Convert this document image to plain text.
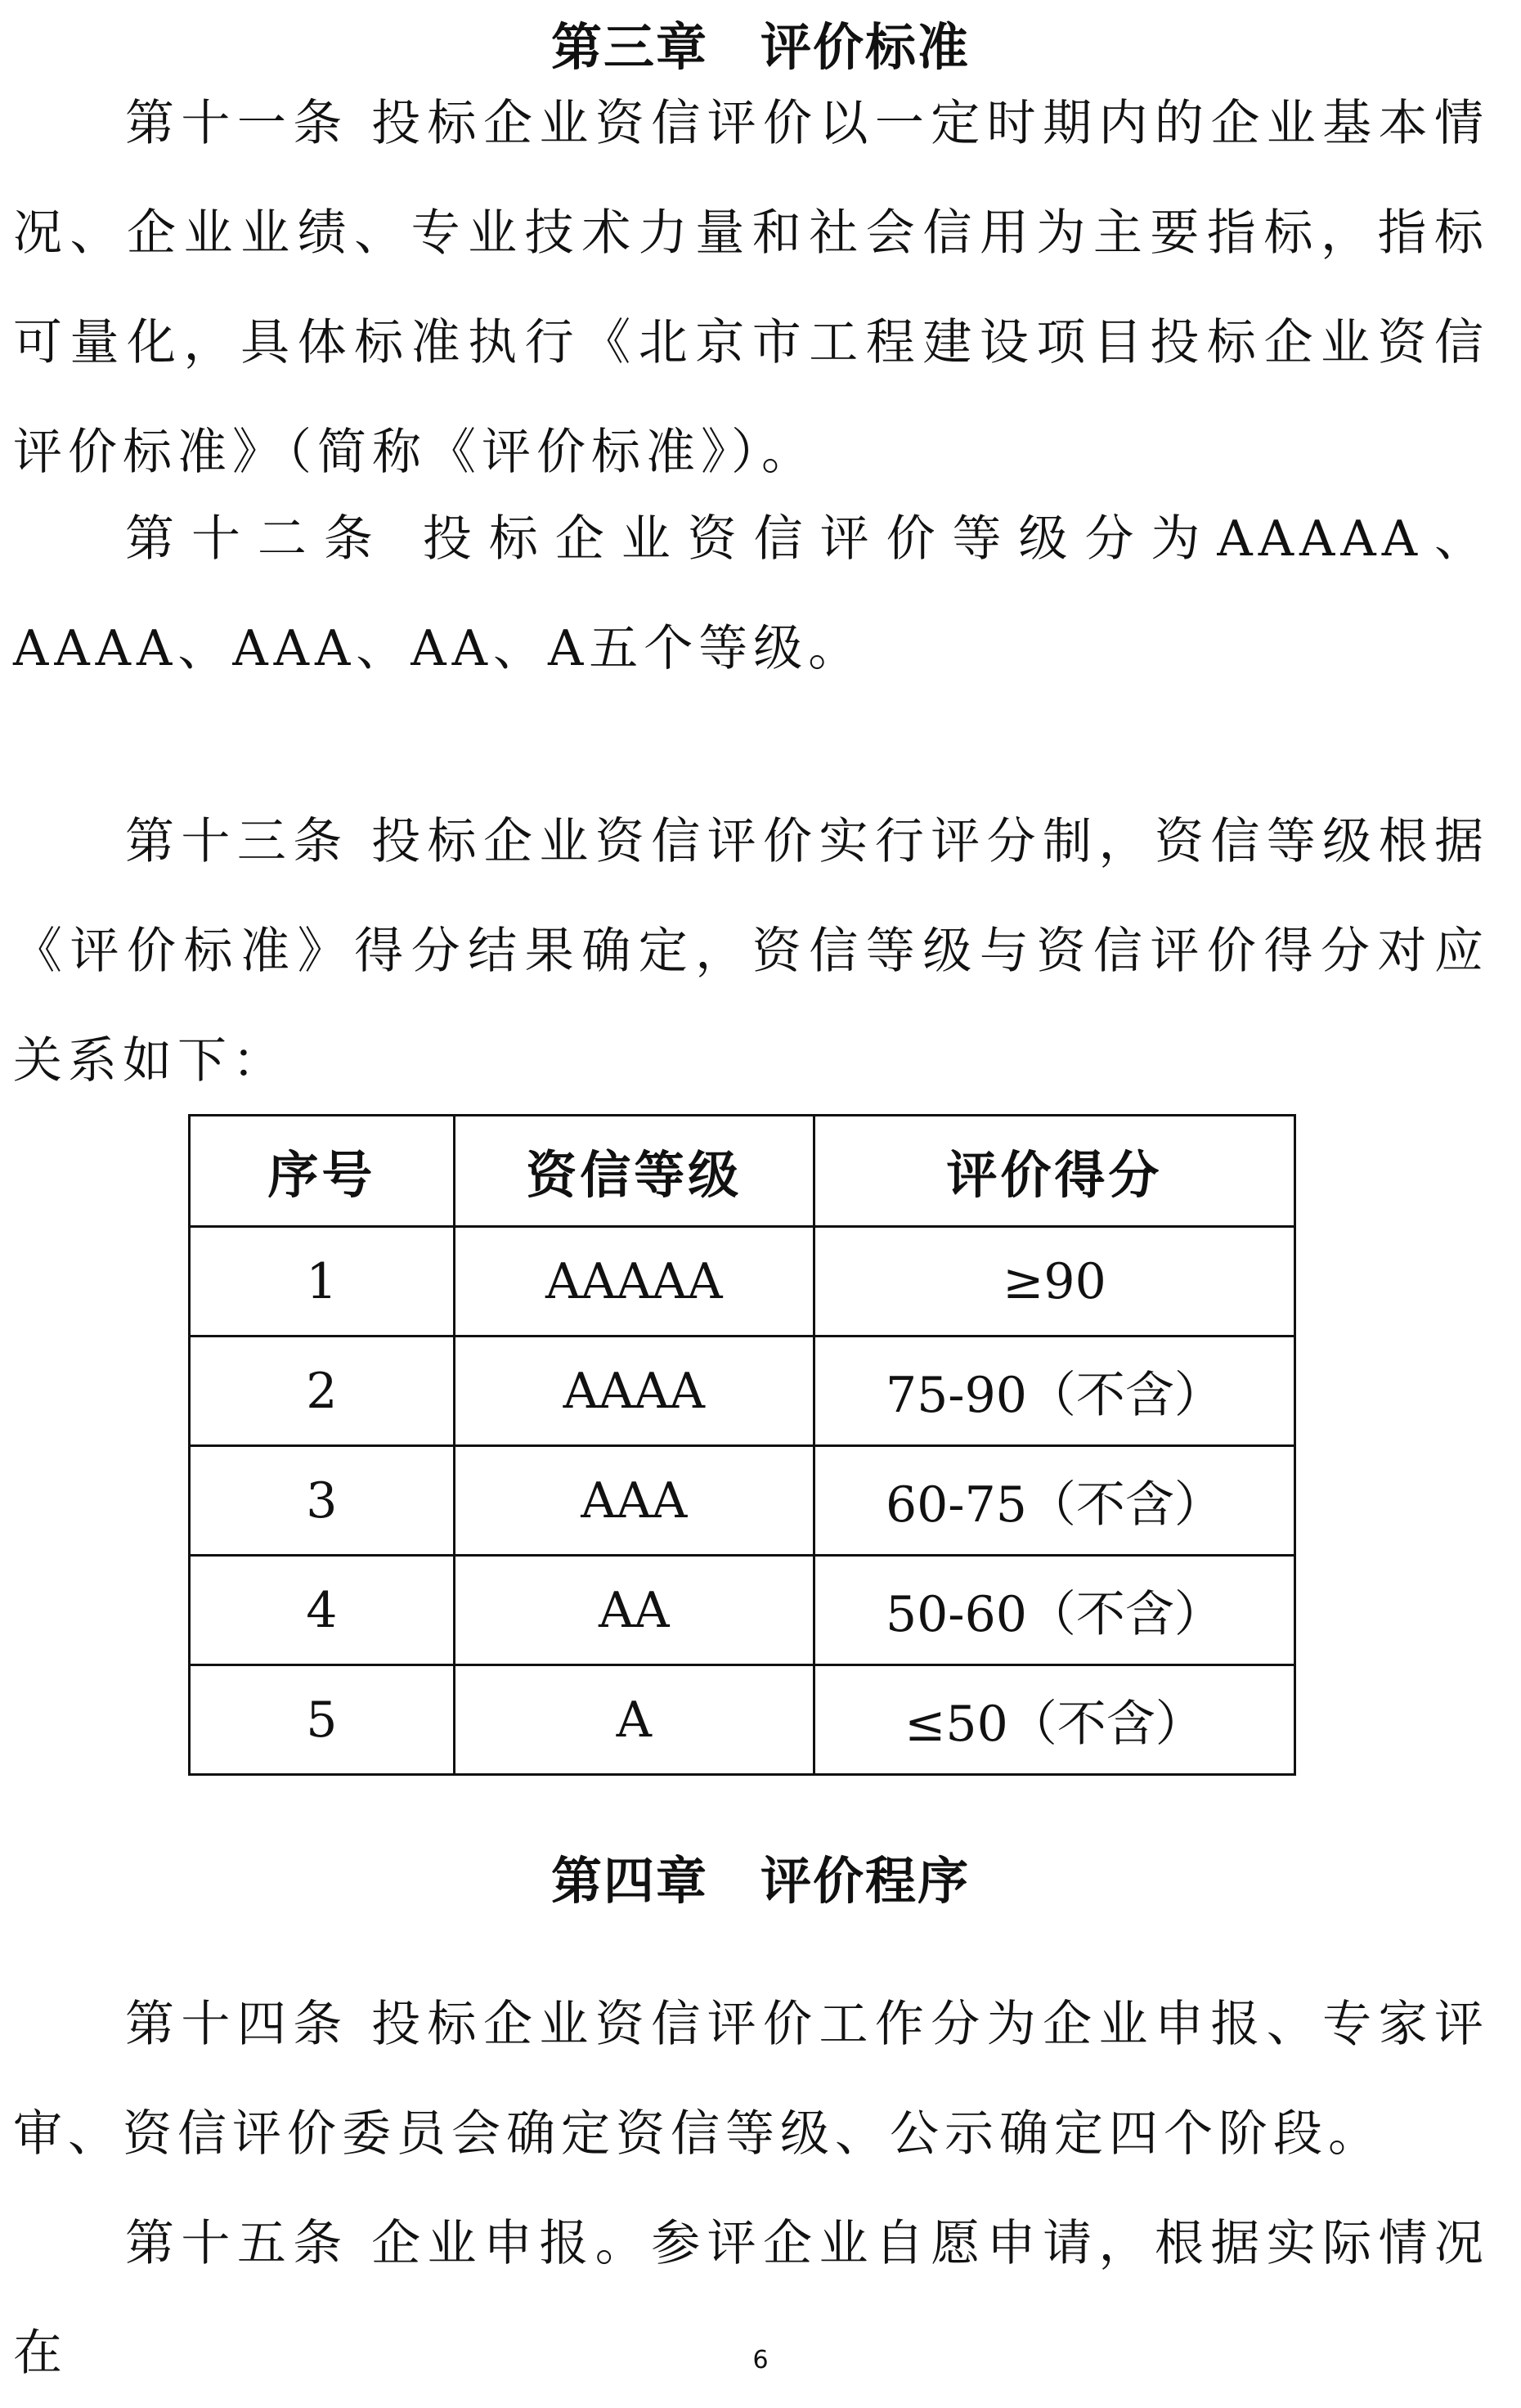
第三章　评价标准
第十一条 投标企业资信评价以一定时期内的企业基本情况、企业业绩、专业技术力量和社会信用为主要指标，指标可量化，具体标准执行《北京市工程建设项目投标企业资信评价标准》（简称《评价标准》）。
第十二条 投标企业资信评价等级分为AAAAA、AAAA、AAA、AA、A五个等级。
第十三条 投标企业资信评价实行评分制，资信等级根据《评价标准》得分结果确定，资信等级与资信评价得分对应关系如下：
序号	资信等级	评价得分
1	AAAAA	≥90
2	AAAA	75-90（不含）
3	AAA	60-75（不含）
4	AA	50-60（不含）
5	A	≤50（不含）
第四章　评价程序
第十四条 投标企业资信评价工作分为企业申报、专家评审、资信评价委员会确定资信等级、公示确定四个阶段。
第十五条 企业申报。参评企业自愿申请，根据实际情况在	6
